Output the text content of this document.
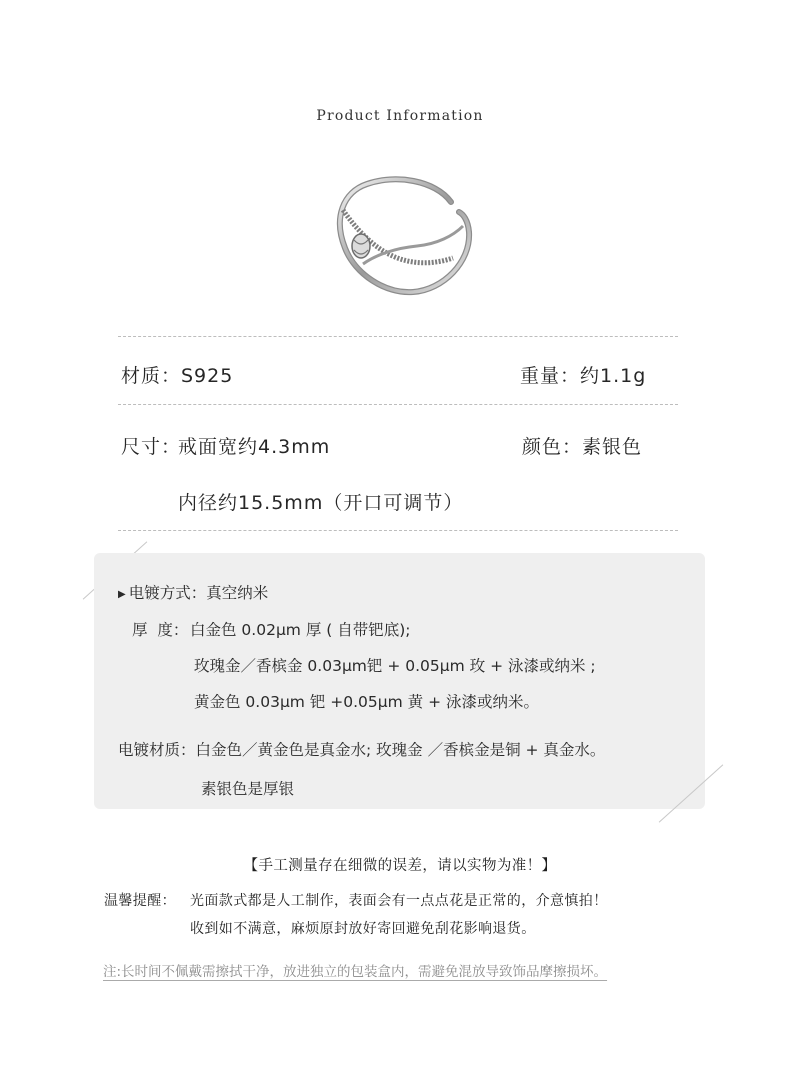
Product Information
材质：S925	重量：约1.1g
尺寸：
戒面宽约4.3mm	颜色：素银色
内径约15.5mm（开口可调节）
▶ 电镀方式：真空纳米
厚  度： 白金色 0.02μm 厚 ( 自带钯底);
玫瑰金／香槟金 0.03μm钯 + 0.05μm 玫 + 泳漆或纳米 ;
黄金色 0.03μm 钯 +0.05μm 黄 + 泳漆或纳米。
电镀材质：白金色／黄金色是真金水; 玫瑰金 ／香槟金是铜 + 真金水。
素银色是厚银
【手工测量存在细微的误差，请以实物为准！】
温馨提醒： 光面款式都是人工制作，表面会有一点点花是正常的，介意慎拍！
收到如不满意，麻烦原封放好寄回避免刮花影响退货。
注:长时间不佩戴需擦拭干净，放进独立的包装盒内，需避免混放导致饰品摩擦损坏。
